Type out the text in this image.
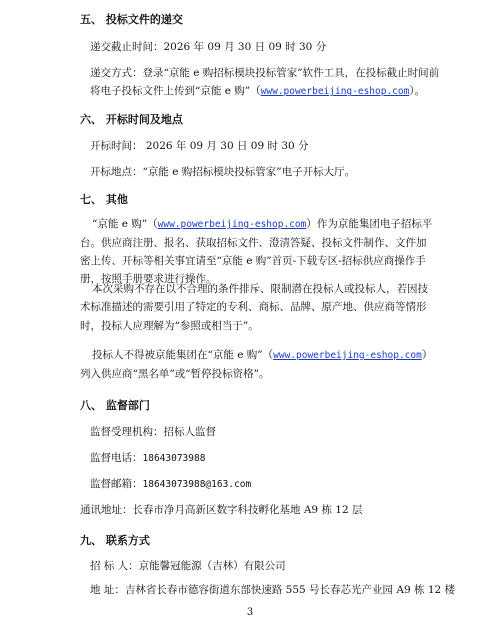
五、 投标文件的递交
递交截止时间：2026 年 09 月 30 日 09 时 30 分
递交方式：登录“京能 e 购招标模块投标管家”软件工具，在投标截止时间前将电子投标文件上传到“京能 e 购”（www.powerbeijing-eshop.com）。
六、 开标时间及地点
开标时间： 2026 年 09 月 30 日 09 时 30 分
开标地点：“京能 e 购招标模块投标管家”电子开标大厅。
七、 其他
“京能 e 购”（www.powerbeijing-eshop.com）作为京能集团电子招标平台。供应商注册、报名、获取招标文件、澄清答疑、投标文件制作、文件加密上传、开标等相关事宜请至“京能 e 购”首页-下载专区-招标供应商操作手册，按照手册要求进行操作。
本次采购不存在以不合理的条件排斥、限制潜在投标人或投标人，若因技术标准描述的需要引用了特定的专利、商标、品牌、原产地、供应商等情形时，投标人应理解为“参照或相当于”。
投标人不得被京能集团在“京能 e 购”（www.powerbeijing-eshop.com）列入供应商“黑名单”或“暂停投标资格”。
八、 监督部门
监督受理机构：招标人监督
监督电话：18643073988
监督邮箱：18643073988@163.com
通讯地址：长春市净月高新区数字科技孵化基地 A9 栋 12 层
九、 联系方式
招 标 人：京能馨冠能源（吉林）有限公司
地 址：吉林省长春市德容街道东部快速路 555 号长春芯光产业园 A9 栋 12 楼
3
